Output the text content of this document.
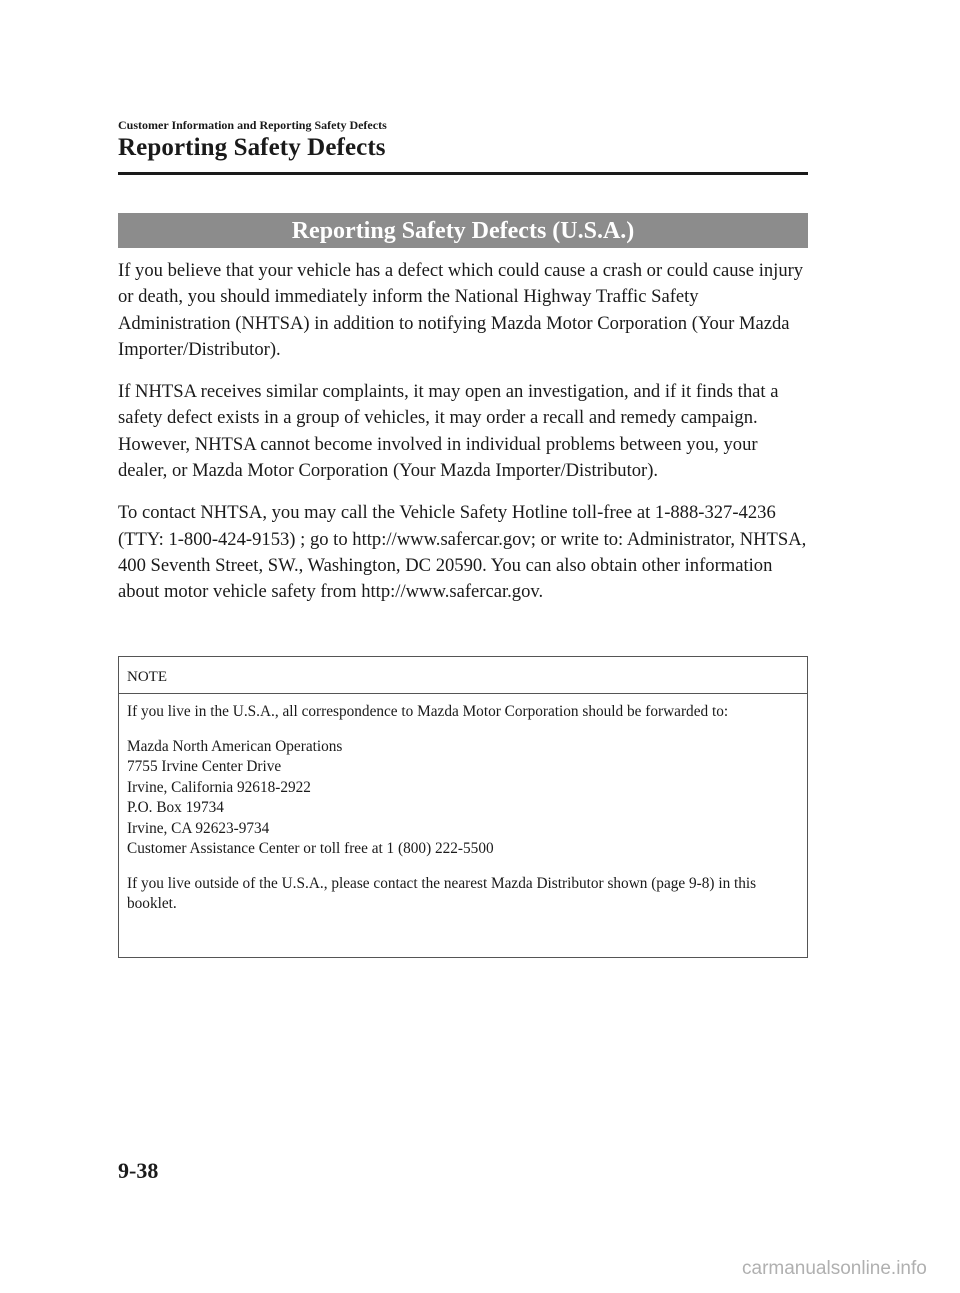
Customer Information and Reporting Safety Defects
Reporting Safety Defects
Reporting Safety Defects (U.S.A.)

If you believe that your vehicle has a defect which could cause a crash or could cause injury or death, you should immediately inform the National Highway Traffic Safety Administration (NHTSA) in addition to notifying Mazda Motor Corporation (Your Mazda Importer/Distributor).

If NHTSA receives similar complaints, it may open an investigation, and if it finds that a safety defect exists in a group of vehicles, it may order a recall and remedy campaign. However, NHTSA cannot become involved in individual problems between you, your dealer, or Mazda Motor Corporation (Your Mazda Importer/Distributor).

To contact NHTSA, you may call the Vehicle Safety Hotline toll-free at 1-888-327-4236 (TTY: 1-800-424-9153) ; go to http://www.safercar.gov; or write to: Administrator, NHTSA, 400 Seventh Street, SW., Washington, DC 20590. You can also obtain other information about motor vehicle safety from http://www.safercar.gov.

NOTE

If you live in the U.S.A., all correspondence to Mazda Motor Corporation should be forwarded to:

Mazda North American Operations
7755 Irvine Center Drive
Irvine, California 92618-2922
P.O. Box 19734
Irvine, CA 92623-9734
Customer Assistance Center or toll free at 1 (800) 222-5500

If you live outside of the U.S.A., please contact the nearest Mazda Distributor shown (page 9-8) in this booklet.

9-38
carmanualsonline.info
